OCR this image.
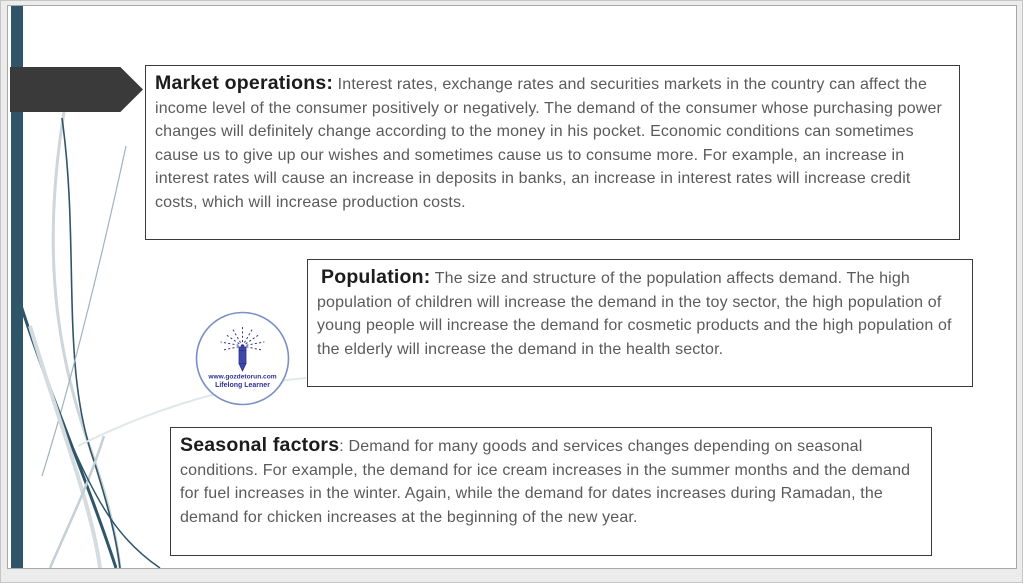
www.gozdetorun.com
Lifelong Learner
Market operations: Interest rates, exchange rates and securities markets in the country can affect the income level of the consumer positively or negatively. The demand of the consumer whose purchasing power changes will definitely change according to the money in his pocket. Economic conditions can sometimes cause us to give up our wishes and sometimes cause us to consume more. For example, an increase in interest rates will cause an increase in deposits in banks, an increase in interest rates will increase credit costs, which will increase production costs.
Population: The size and structure of the population affects demand. The high population of children will increase the demand in the toy sector, the high population of young people will increase the demand for cosmetic products and the high population of the elderly will increase the demand in the health sector.
Seasonal factors: Demand for many goods and services changes depending on seasonal conditions. For example, the demand for ice cream increases in the summer months and the demand for fuel increases in the winter. Again, while the demand for dates increases during Ramadan, the demand for chicken increases at the beginning of the new year.
